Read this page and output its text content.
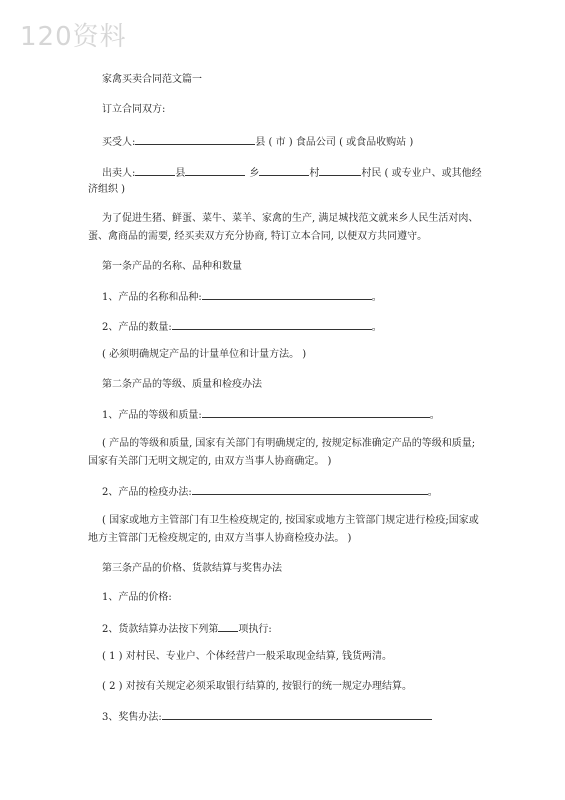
120资料

家禽买卖合同范文篇一

订立合同双方:

买受人:	县 ( 市 ) 食品公司 ( 或食品收购站 )

出卖人:	县	乡	村	村民 ( 或专业户、或其他经

济组织 )

为了促进生猪、鲜蛋、菜牛、菜羊、家禽的生产, 满足城找范文就来乡人民生活对肉、

蛋、禽商品的需要, 经买卖双方充分协商, 特订立本合同, 以便双方共同遵守。

第一条产品的名称、品种和数量

1、产品的名称和品种:	。

2、产品的数量:	。

( 必须明确规定产品的计量单位和计量方法。 )

第二条产品的等级、质量和检疫办法

1、产品的等级和质量:	。

( 产品的等级和质量, 国家有关部门有明确规定的, 按规定标准确定产品的等级和质量;

国家有关部门无明文规定的, 由双方当事人协商确定。 )

2、产品的检疫办法:	。

( 国家或地方主管部门有卫生检疫规定的, 按国家或地方主管部门规定进行检疫;国家或

地方主管部门无检疫规定的, 由双方当事人协商检疫办法。 )

第三条产品的价格、货款结算与奖售办法

1、产品的价格:

2、货款结算办法按下列第 项执行:

( 1 ) 对村民、专业户、个体经营户一般采取现金结算, 钱货两清。

( 2 ) 对按有关规定必须采取银行结算的, 按银行的统一规定办理结算。

3、奖售办法:
